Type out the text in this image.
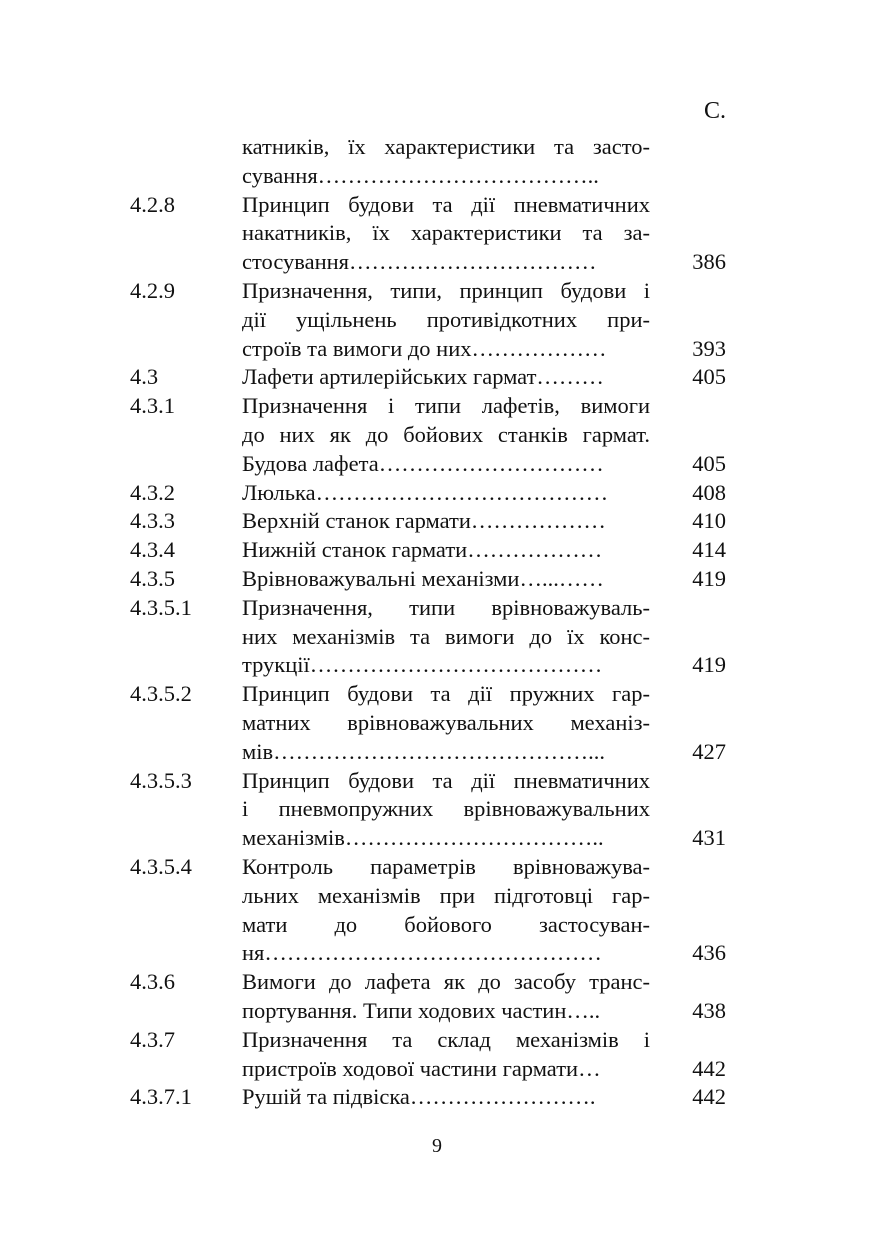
С.
катників, їх характеристики та засто-
сування………………………………..
4.2.8	Принцип будови та дії пневматичних
накатників, їх характеристики та за-
стосування……………………………	386
4.2.9	Призначення, типи, принцип будови і
дії ущільнень противідкотних при-
строїв та вимоги до них………………	393
4.3	Лафети артилерійських гармат………	405
4.3.1	Призначення і типи лафетів, вимоги
до них як до бойових станків гармат.
Будова лафета…………………………	405
4.3.2	Люлька…………………………………	408
4.3.3	Верхній станок гармати………………	410
4.3.4	Нижній станок гармати………………	414
4.3.5	Врівноважувальні механізми…...……	419
4.3.5.1 Призначення, типи врівноважуваль-
них механізмів та вимоги до їх конс-
трукції…………………………………	419
4.3.5.2 Принцип будови та дії пружних гар-
матних врівноважувальних механіз-
мів……………………………………...	427
4.3.5.3 Принцип будови та дії пневматичних
і пневмопружних врівноважувальних
механізмів……………………………..	431
4.3.5.4 Контроль параметрів врівноважува-
льних механізмів при підготовці гар-
мати до бойового застосуван-
ня………………………………………	436
4.3.6	Вимоги до лафета як до засобу транс-
портування. Типи ходових частин…..	438
4.3.7	Призначення та склад механізмів і
пристроїв ходової частини гармати…	442
4.3.7.1 Рушій та підвіска…………………….	442
9
